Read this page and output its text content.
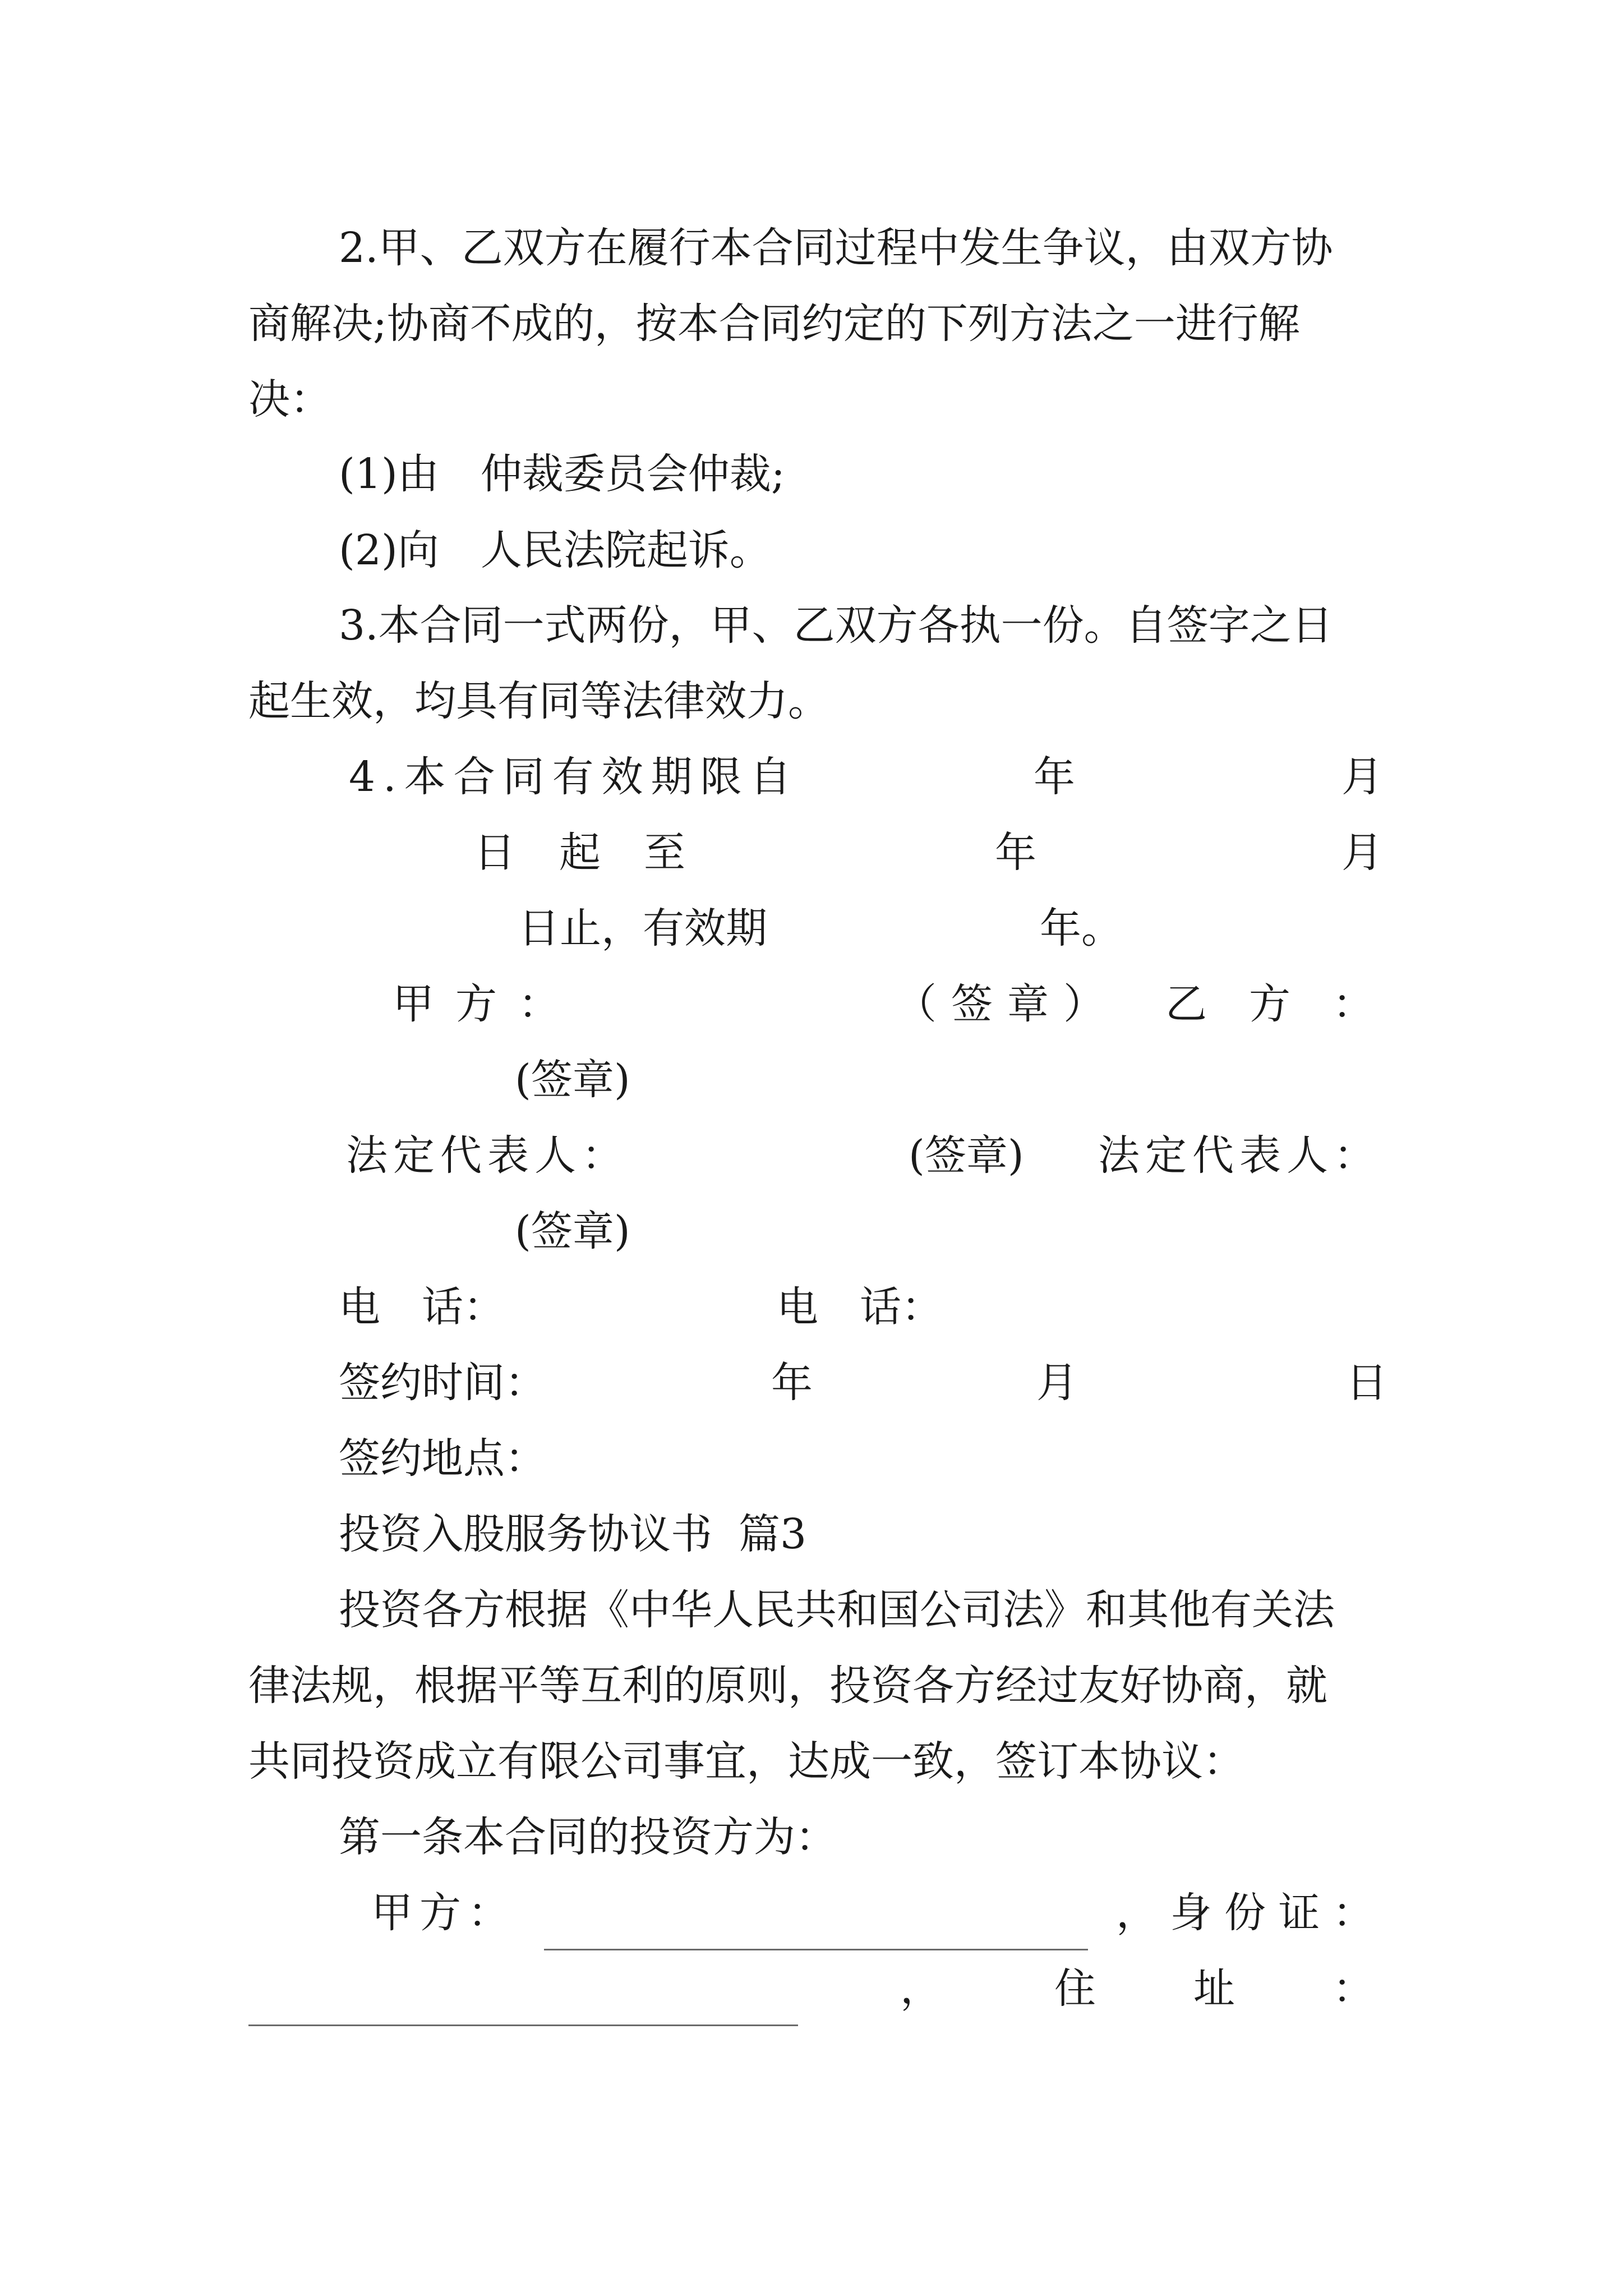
2.甲、乙双方在履行本合同过程中发生争议，由双方协
商解决;协商不成的，按本合同约定的下列方法之一进行解
决：
(1)由　仲裁委员会仲裁;
(2)向　人民法院起诉。
3.本合同一式两份，甲、乙双方各执一份。自签字之日
起生效，均具有同等法律效力。
4.本合同有效期限自	年	月
日 起 至	年	月
日止，有效期	年。
甲 方 ：	（ 签 章 ） 乙 方 ：
(签章)
法定代表人：	(签章) 法定代表人：
(签章)
电　话：	电　话：
签约时间：	年	月	日
签约地点：
投资入股服务协议书  篇3
投资各方根据《中华人民共和国公司法》和其他有关法
律法规，根据平等互利的原则，投资各方经过友好协商，就
共同投资成立有限公司事宜，达成一致，签订本协议：
第一条本合同的投资方为：
甲 方 ：	， 身 份 证 ：
，	住 址 ：
